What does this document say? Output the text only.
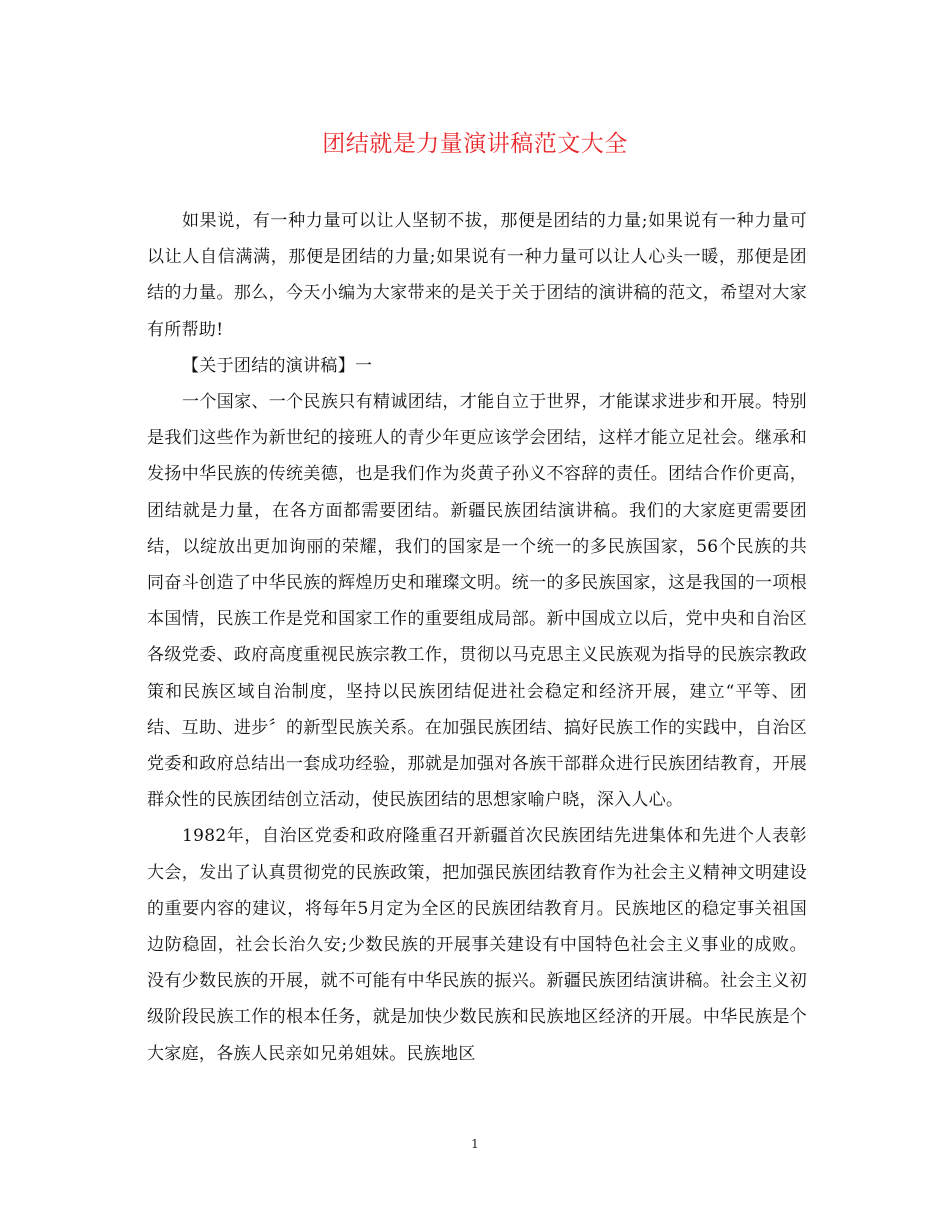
团结就是力量演讲稿范文大全

如果说，有一种力量可以让人坚韧不拔，那便是团结的力量;如果说有一种力量可以让人自信满满，那便是团结的力量;如果说有一种力量可以让人心头一暖，那便是团结的力量。那么，今天小编为大家带来的是关于关于团结的演讲稿的范文，希望对大家有所帮助!

【关于团结的演讲稿】一

一个国家、一个民族只有精诚团结，才能自立于世界，才能谋求进步和开展。特别是我们这些作为新世纪的接班人的青少年更应该学会团结，这样才能立足社会。继承和发扬中华民族的传统美德，也是我们作为炎黄子孙义不容辞的责任。团结合作价更高，团结就是力量，在各方面都需要团结。新疆民族团结演讲稿。我们的大家庭更需要团结，以绽放出更加询丽的荣耀，我们的国家是一个统一的多民族国家，56个民族的共同奋斗创造了中华民族的辉煌历史和璀璨文明。统一的多民族国家，这是我国的一项根本国情，民族工作是党和国家工作的重要组成局部。新中国成立以后，党中央和自治区各级党委、政府高度重视民族宗教工作，贯彻以马克思主义民族观为指导的民族宗教政策和民族区域自治制度，坚持以民族团结促进社会稳定和经济开展，建立“平等、团结、互助、进步〞的新型民族关系。在加强民族团结、搞好民族工作的实践中，自治区党委和政府总结出一套成功经验，那就是加强对各族干部群众进行民族团结教育，开展群众性的民族团结创立活动，使民族团结的思想家喻户晓，深入人心。

1982年，自治区党委和政府隆重召开新疆首次民族团结先进集体和先进个人表彰大会，发出了认真贯彻党的民族政策，把加强民族团结教育作为社会主义精神文明建设的重要内容的建议，将每年5月定为全区的民族团结教育月。民族地区的稳定事关祖国边防稳固，社会长治久安;少数民族的开展事关建设有中国特色社会主义事业的成败。没有少数民族的开展，就不可能有中华民族的振兴。新疆民族团结演讲稿。社会主义初级阶段民族工作的根本任务，就是加快少数民族和民族地区经济的开展。中华民族是个大家庭，各族人民亲如兄弟姐妹。民族地区

1
